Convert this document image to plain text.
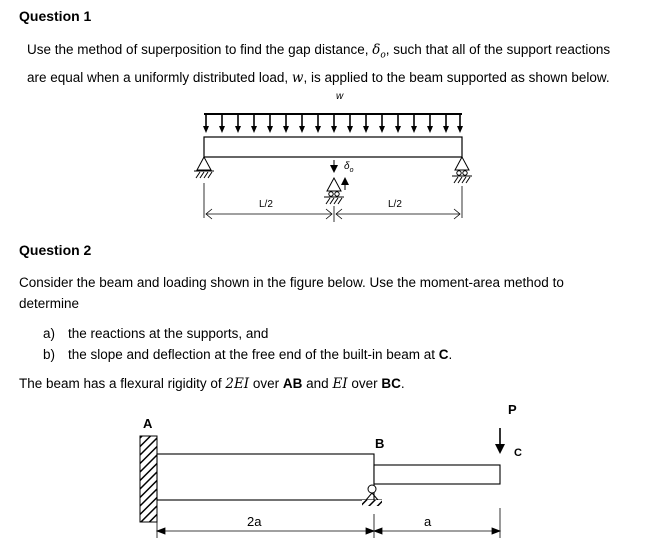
Question 1
Use the method of superposition to find the gap distance, $\delta_o$, such that all of the support reactions
are equal when a uniformly distributed load, w, is applied to the beam supported as shown below.
w
$\delta_o$
L/2	L/2
Question 2
Consider the beam and loading shown in the figure below. Use the moment-area method to
determine
a) the reactions at the supports, and
b) the slope and deflection at the free end of the built-in beam at C.
The beam has a flexural rigidity of 2EI over AB and EI over BC.
A
B
P
C
2a	a
